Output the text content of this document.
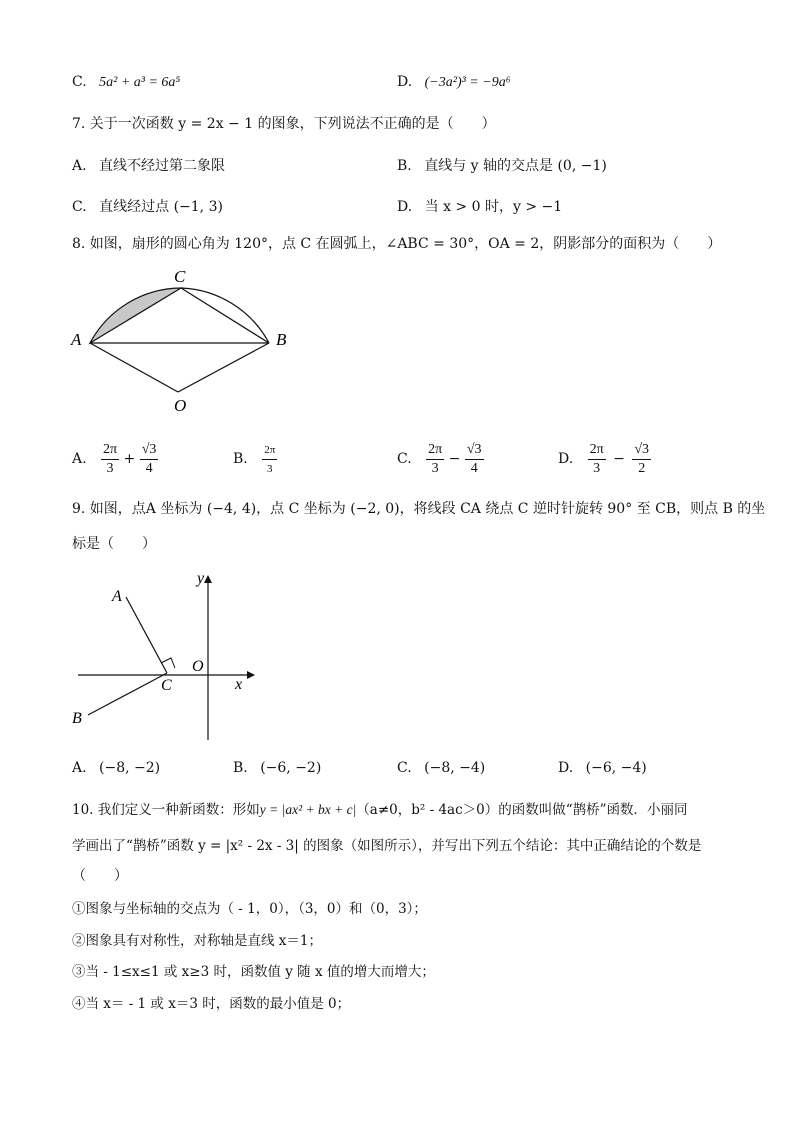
C. 5a² + a³ = 6a⁵	D. (−3a²)³ = −9a⁶
7. 关于一次函数 y = 2x − 1 的图象，下列说法不正确的是（　　）
A. 直线不经过第二象限	B. 直线与 y 轴的交点是 (0, −1)
C. 直线经过点 (−1, 3)	D. 当 x > 0 时，y > −1
8. 如图，扇形的圆心角为 120°，点 C 在圆弧上，∠ABC = 30°，OA = 2，阴影部分的面积为（　　）
C
A	B
O
A. $\frac{2\pi}{3} + \frac{√3}{4}$	B. $\frac{2\pi}{3}$	C. $\frac{2\pi}{3} - \frac{√3}{4}$	D. $\frac{2\pi}{3} - \frac{√3}{2}$
9. 如图，点A 坐标为 (−4, 4)，点 C 坐标为 (−2, 0)，将线段 CA 绕点 C 逆时针旋转 90° 至 CB，则点 B 的坐
标是（　　）
y
A
O
C	x
B
A. (−8, −2)	B. (−6, −2)	C. (−8, −4)	D. (−6, −4)
10. 我们定义一种新函数：形如y = |ax² + bx + c|（a≠0，b² - 4ac＞0）的函数叫做“鹊桥”函数．小丽同
学画出了“鹊桥”函数 y = |x² - 2x - 3| 的图象（如图所示），并写出下列五个结论：其中正确结论的个数是
（　　）
①图象与坐标轴的交点为（ - 1，0），（3，0）和（0，3）；
②图象具有对称性，对称轴是直线 x＝1；
③当 - 1≤x≤1 或 x≥3 时，函数值 y 随 x 值的增大而增大；
④当 x＝ - 1 或 x＝3 时，函数的最小值是 0；
